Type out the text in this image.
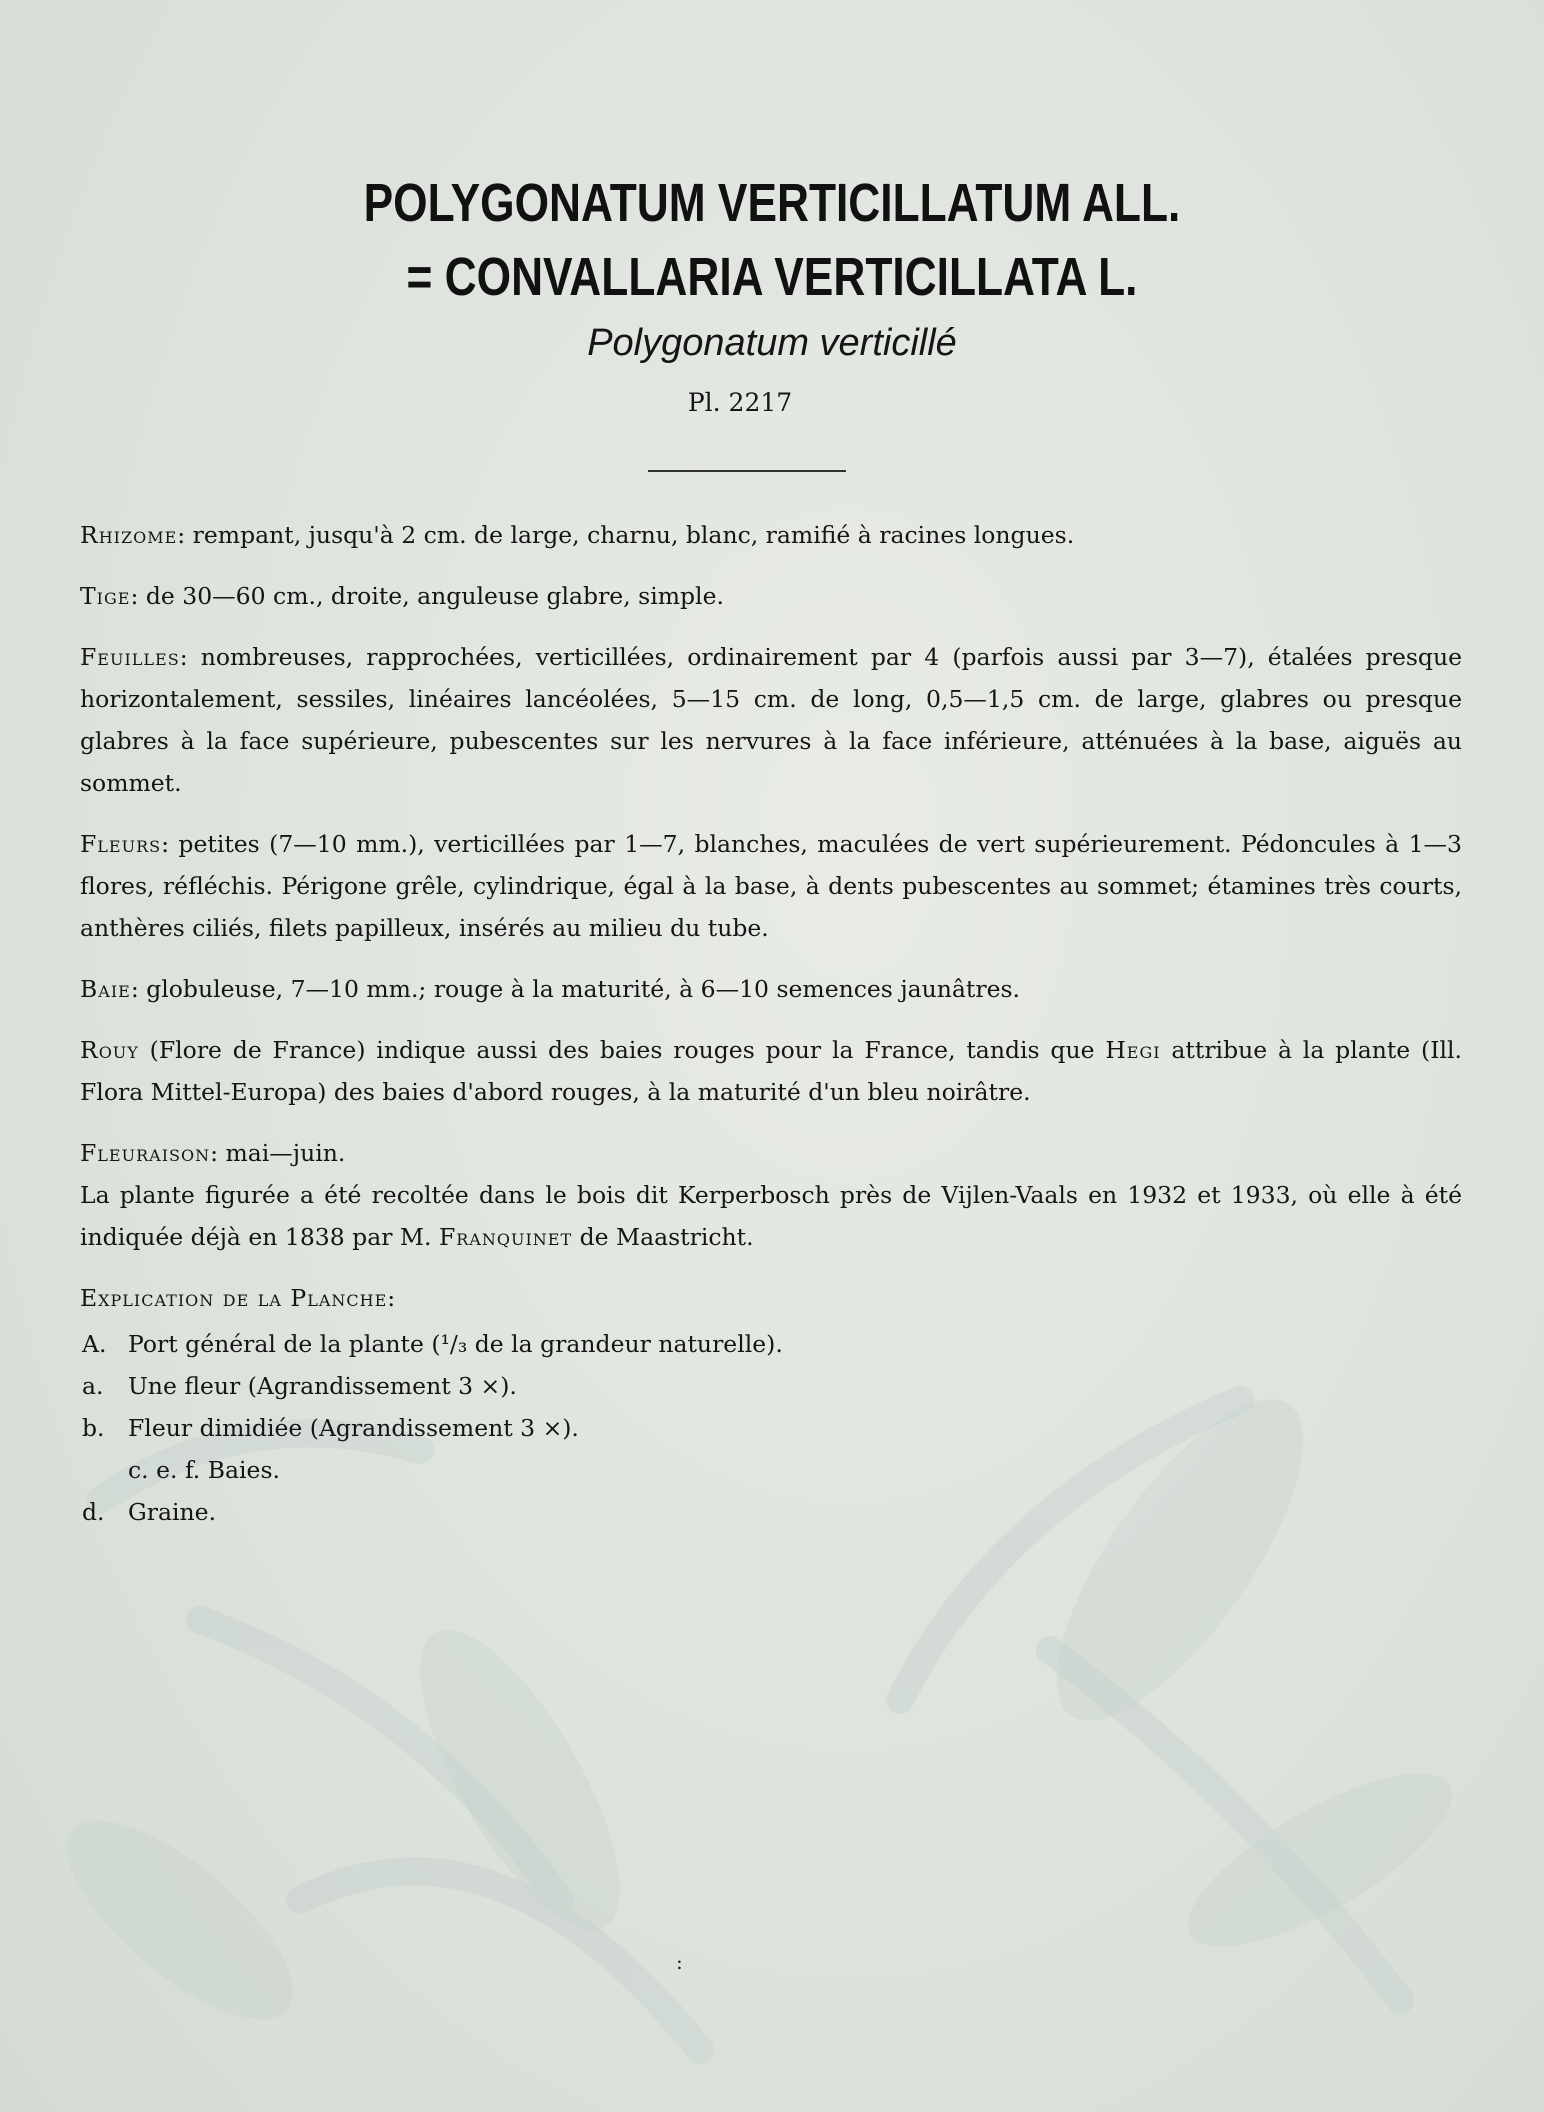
POLYGONATUM VERTICILLATUM ALL.
= CONVALLARIA VERTICILLATA L.
Polygonatum verticillé
Pl. 2217

Rhizome: rempant, jusqu'à 2 cm. de large, charnu, blanc, ramifié à racines longues.

Tige: de 30—60 cm., droite, anguleuse glabre, simple.

Feuilles: nombreuses, rapprochées, verticillées, ordinairement par 4 (parfois aussi par 3—7), étalées presque horizontalement, sessiles, linéaires lancéolées, 5—15 cm. de long, 0,5—1,5 cm. de large, glabres ou presque glabres à la face supérieure, pubescentes sur les nervures à la face inférieure, atténuées à la base, aiguës au sommet.

Fleurs: petites (7—10 mm.), verticillées par 1—7, blanches, maculées de vert supérieurement. Pédoncules à 1—3 flores, réfléchis. Périgone grêle, cylindrique, égal à la base, à dents pubescentes au sommet; étamines très courts, anthères ciliés, filets papilleux, insérés au milieu du tube.

Baie: globuleuse, 7—10 mm.; rouge à la maturité, à 6—10 semences jaunâtres.

Rouy (Flore de France) indique aussi des baies rouges pour la France, tandis que Hegi attribue à la plante (Ill. Flora Mittel-Europa) des baies d'abord rouges, à la maturité d'un bleu noirâtre.

Fleuraison: mai—juin.

La plante figurée a été recoltée dans le bois dit Kerperbosch près de Vijlen-Vaals en 1932 et 1933, où elle à été indiquée déjà en 1838 par M. Franquinet de Maastricht.

Explication de la Planche:
A. Port général de la plante (¹/₃ de la grandeur naturelle).
a.	Une fleur (Agrandissement 3 ×).
b. Fleur dimidiée (Agrandissement 3 ×).
c. e. f. Baies.
d. Graine.
:
